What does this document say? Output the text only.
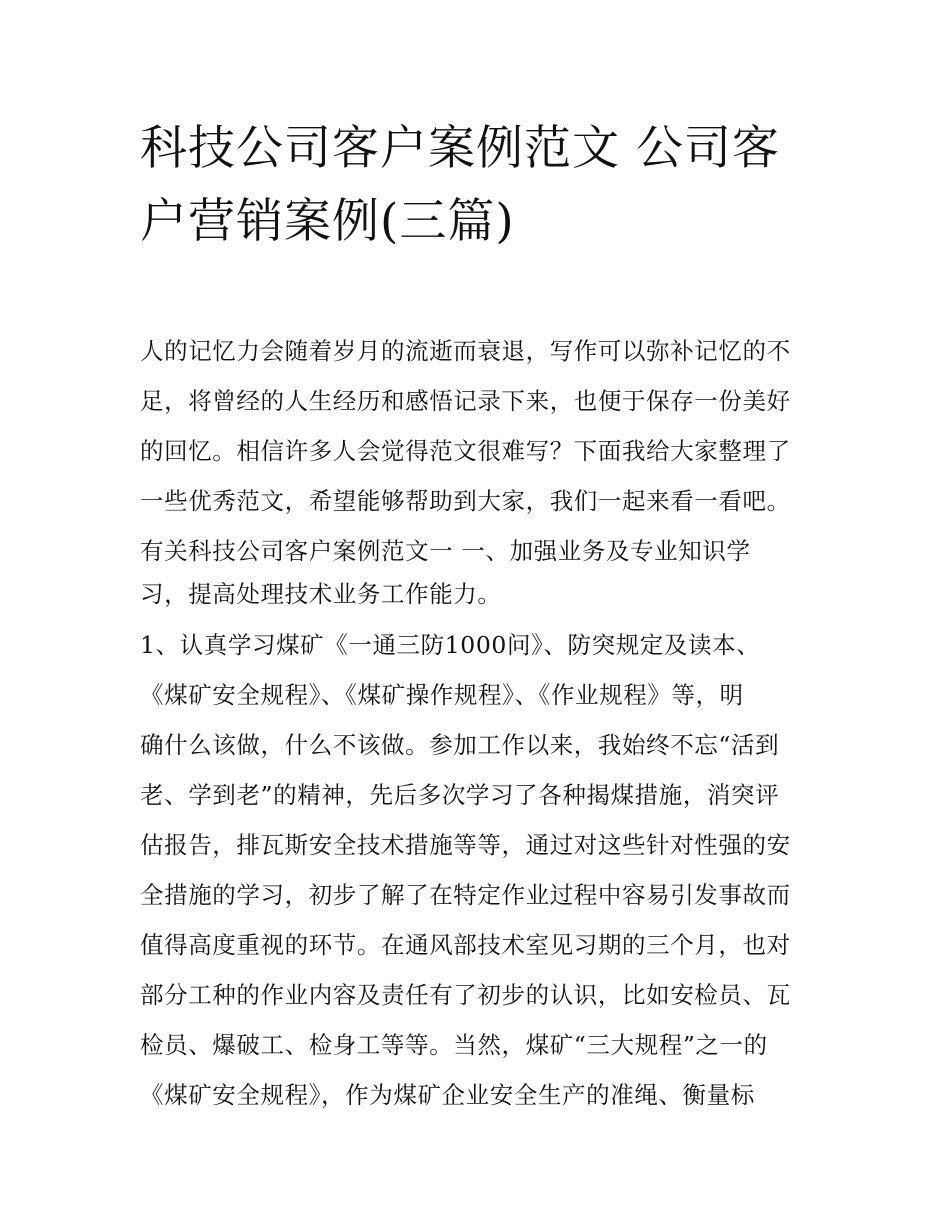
科技公司客户案例范文 公司客
户营销案例(三篇)
人的记忆力会随着岁月的流逝而衰退，写作可以弥补记忆的不
足，将曾经的人生经历和感悟记录下来，也便于保存一份美好
的回忆。相信许多人会觉得范文很难写？下面我给大家整理了
一些优秀范文，希望能够帮助到大家，我们一起来看一看吧。
有关科技公司客户案例范文一 一、加强业务及专业知识学
习，提高处理技术业务工作能力。
1、认真学习煤矿《一通三防1000问》、防突规定及读本、
《煤矿安全规程》、《煤矿操作规程》、《作业规程》等，明
确什么该做，什么不该做。参加工作以来，我始终不忘“活到
老、学到老”的精神，先后多次学习了各种揭煤措施，消突评
估报告，排瓦斯安全技术措施等等，通过对这些针对性强的安
全措施的学习，初步了解了在特定作业过程中容易引发事故而
值得高度重视的环节。在通风部技术室见习期的三个月，也对
部分工种的作业内容及责任有了初步的认识，比如安检员、瓦
检员、爆破工、检身工等等。当然，煤矿“三大规程”之一的
《煤矿安全规程》，作为煤矿企业安全生产的准绳、衡量标
